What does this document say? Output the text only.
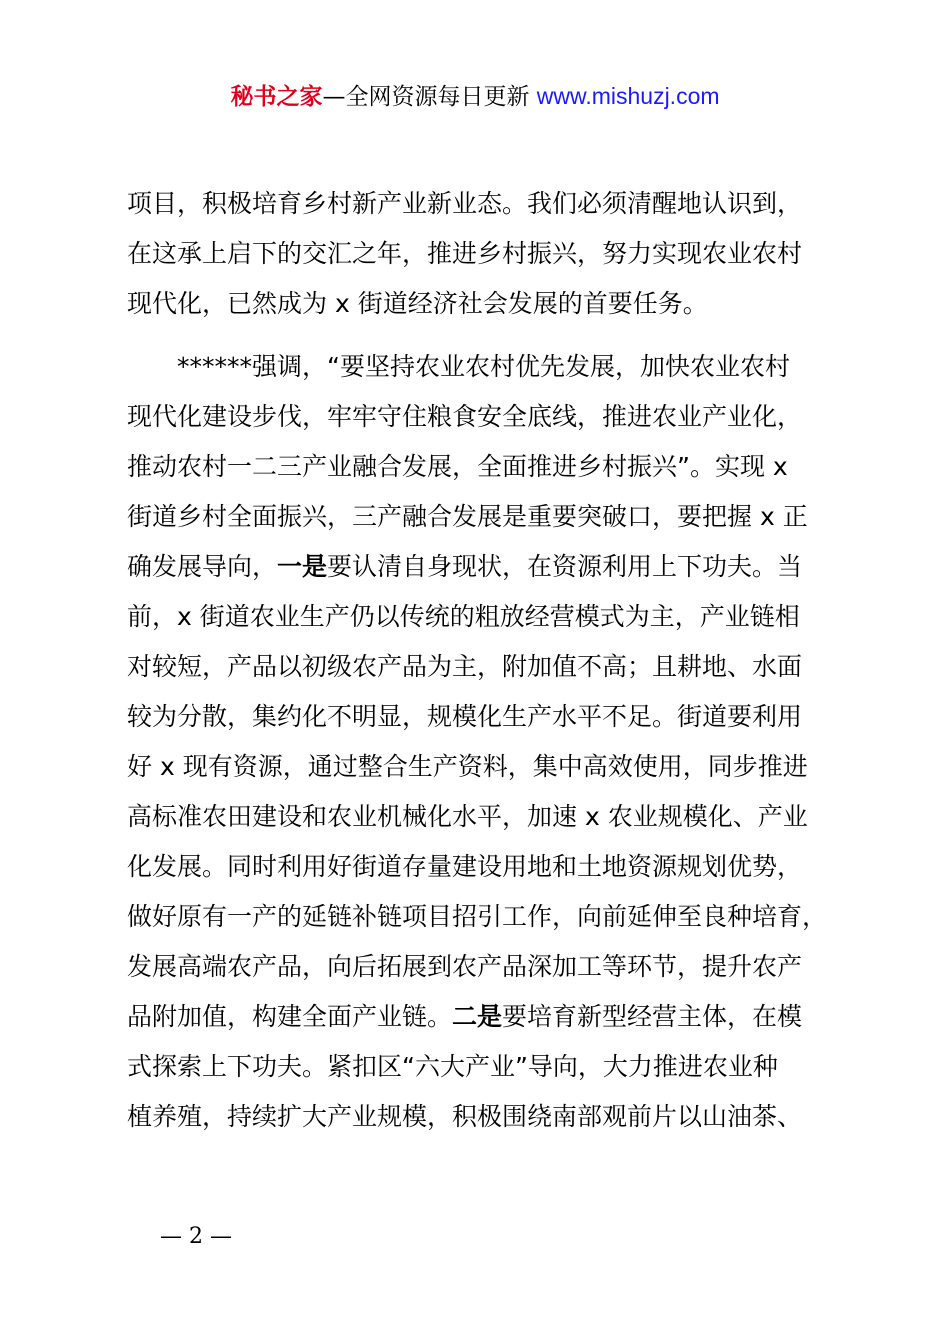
秘书之家—全网资源每日更新 www.mishuzj.com
项目，积极培育乡村新产业新业态。我们必须清醒地认识到，
在这承上启下的交汇之年，推进乡村振兴，努力实现农业农村
现代化，已然成为 x 街道经济社会发展的首要任务。
******强调，“要坚持农业农村优先发展，加快农业农村
现代化建设步伐，牢牢守住粮食安全底线，推进农业产业化，
推动农村一二三产业融合发展，全面推进乡村振兴”。实现 x
街道乡村全面振兴，三产融合发展是重要突破口，要把握 x 正
确发展导向，一是要认清自身现状，在资源利用上下功夫。当
前，x 街道农业生产仍以传统的粗放经营模式为主，产业链相
对较短，产品以初级农产品为主，附加值不高；且耕地、水面
较为分散，集约化不明显，规模化生产水平不足。街道要利用
好 x 现有资源，通过整合生产资料，集中高效使用，同步推进
高标准农田建设和农业机械化水平，加速 x 农业规模化、产业
化发展。同时利用好街道存量建设用地和土地资源规划优势，
做好原有一产的延链补链项目招引工作，向前延伸至良种培育，
发展高端农产品，向后拓展到农产品深加工等环节，提升农产
品附加值，构建全面产业链。二是要培育新型经营主体，在模
式探索上下功夫。紧扣区“六大产业”导向，大力推进农业种
植养殖，持续扩大产业规模，积极围绕南部观前片以山油茶、
— 2 —
